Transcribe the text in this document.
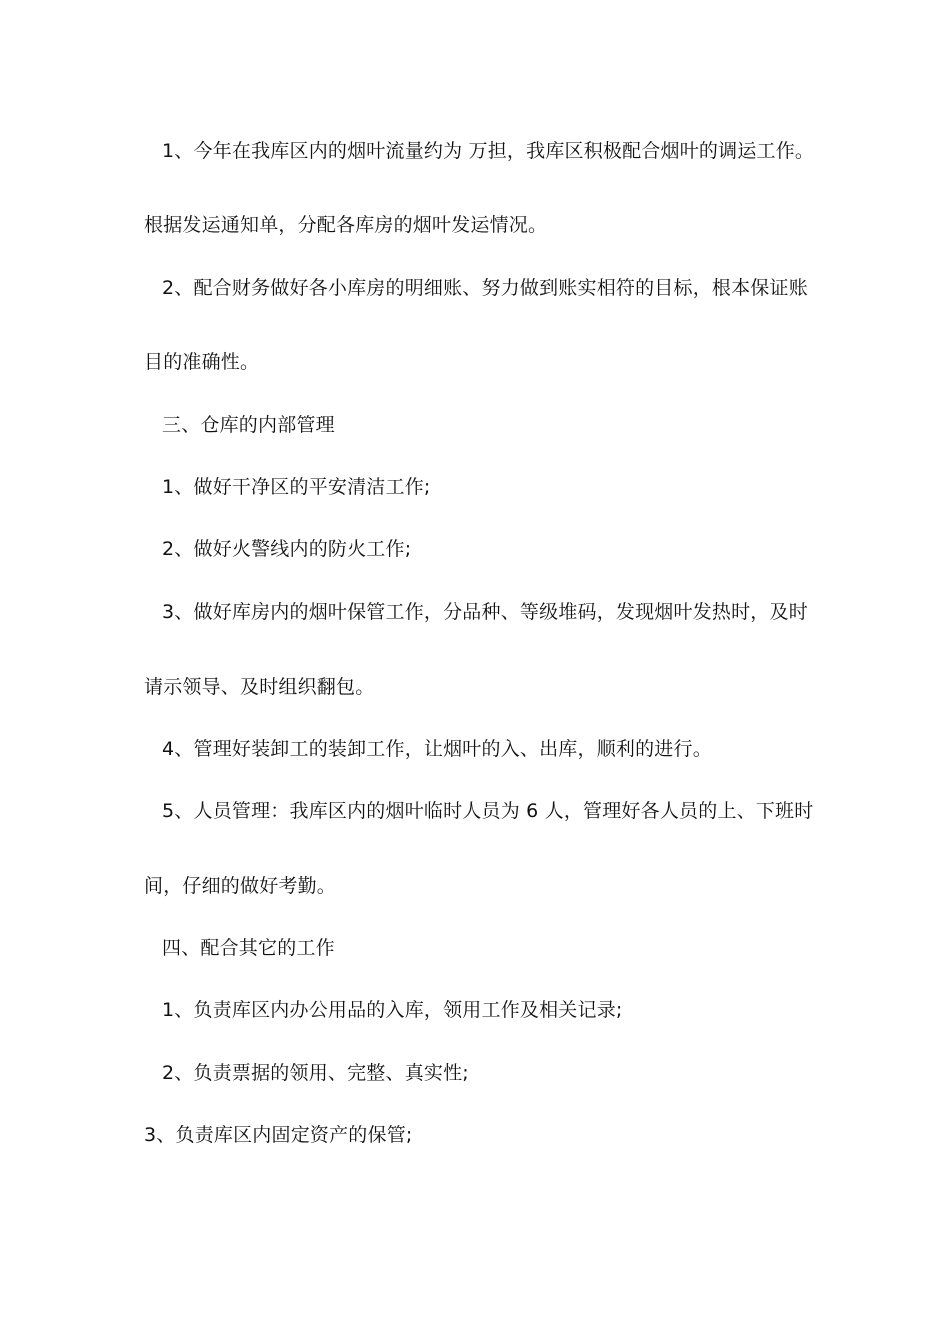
1、今年在我库区内的烟叶流量约为 万担，我库区积极配合烟叶的调运工作。
根据发运通知单，分配各库房的烟叶发运情况。
2、配合财务做好各小库房的明细账、努力做到账实相符的目标，根本保证账
目的准确性。
三、仓库的内部管理
1、做好干净区的平安清洁工作;
2、做好火警线内的防火工作;
3、做好库房内的烟叶保管工作，分品种、等级堆码，发现烟叶发热时，及时
请示领导、及时组织翻包。
4、管理好装卸工的装卸工作，让烟叶的入、出库，顺利的进行。
5、人员管理：我库区内的烟叶临时人员为 6 人，管理好各人员的上、下班时
间，仔细的做好考勤。
四、配合其它的工作
1、负责库区内办公用品的入库，领用工作及相关记录;
2、负责票据的领用、完整、真实性;
3、负责库区内固定资产的保管;
